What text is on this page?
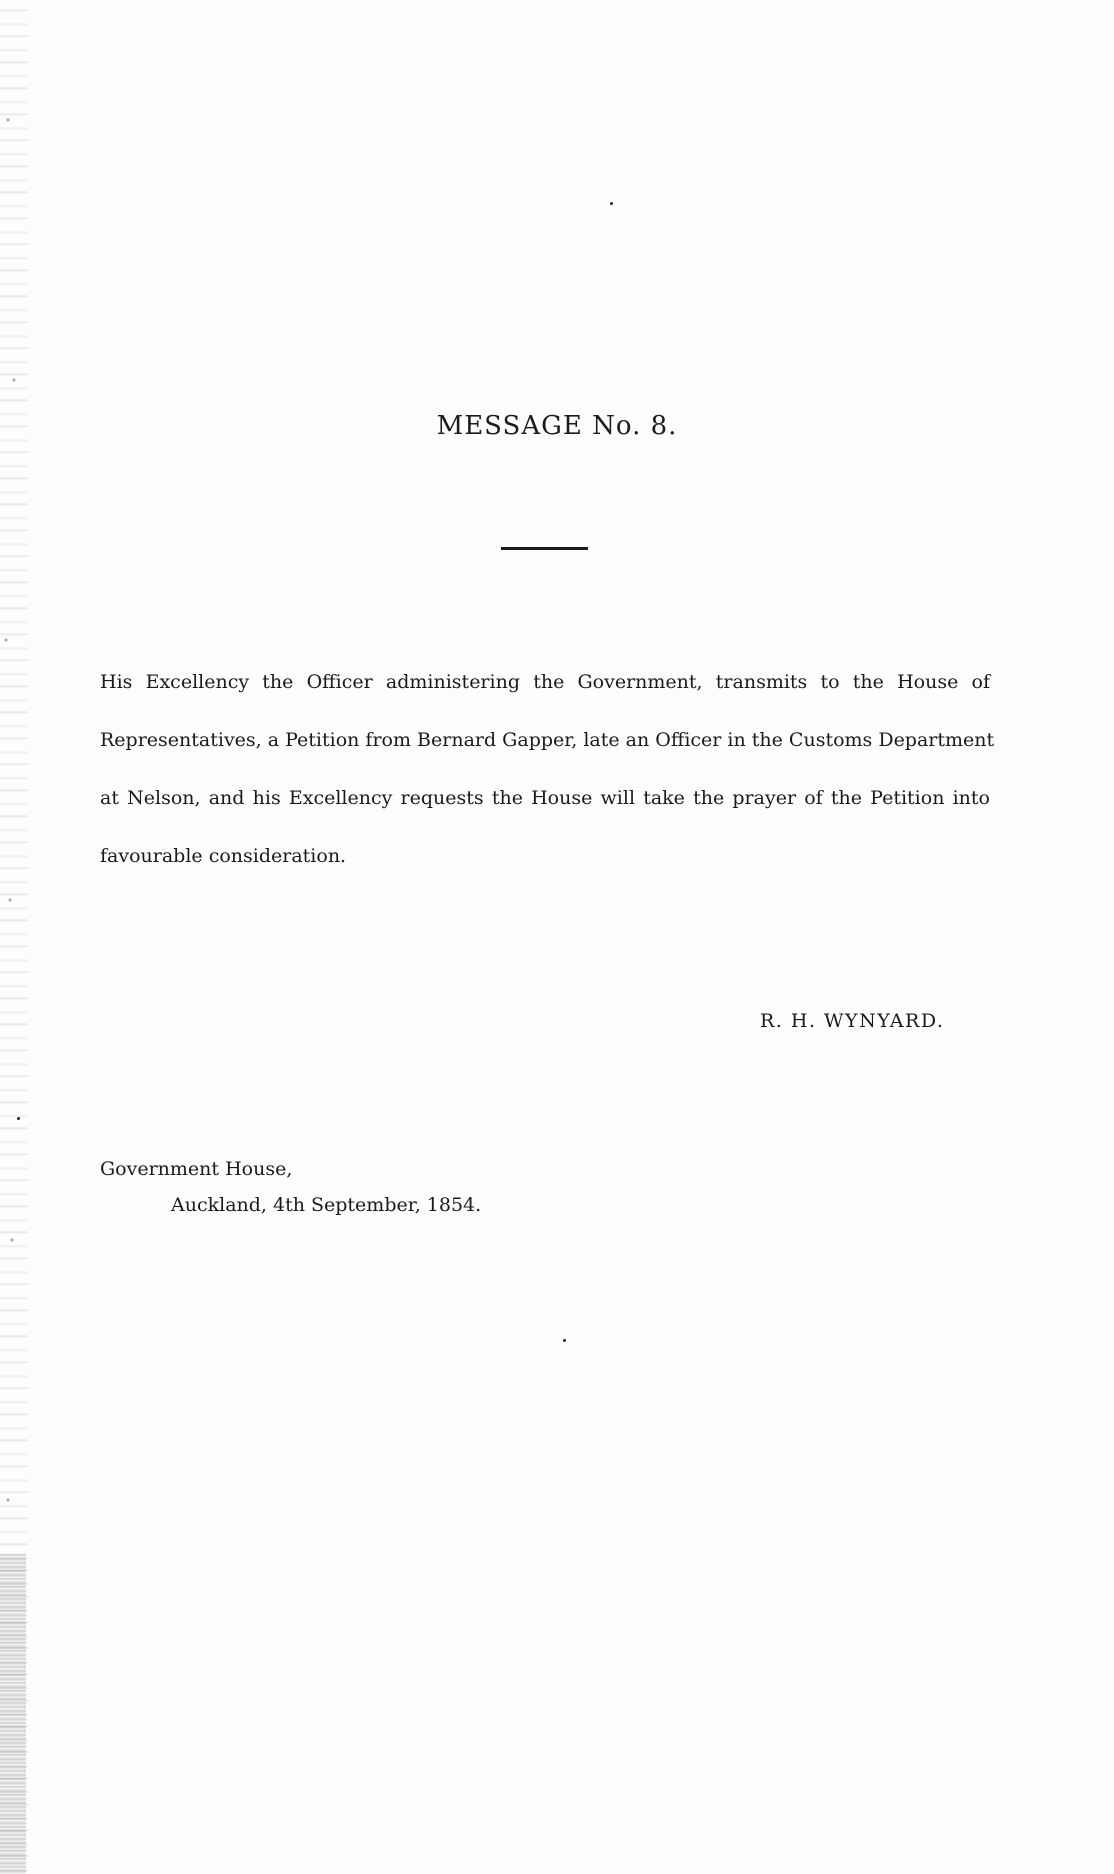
MESSAGE No. 8.

His Excellency the Officer administering the Government, transmits to the House of
Representatives, a Petition from Bernard Gapper, late an Officer in the Customs Department
at Nelson, and his Excellency requests the House will take the prayer of the Petition into
favourable consideration.

R. H. WYNYARD.
Government House,
Auckland, 4th September, 1854.
